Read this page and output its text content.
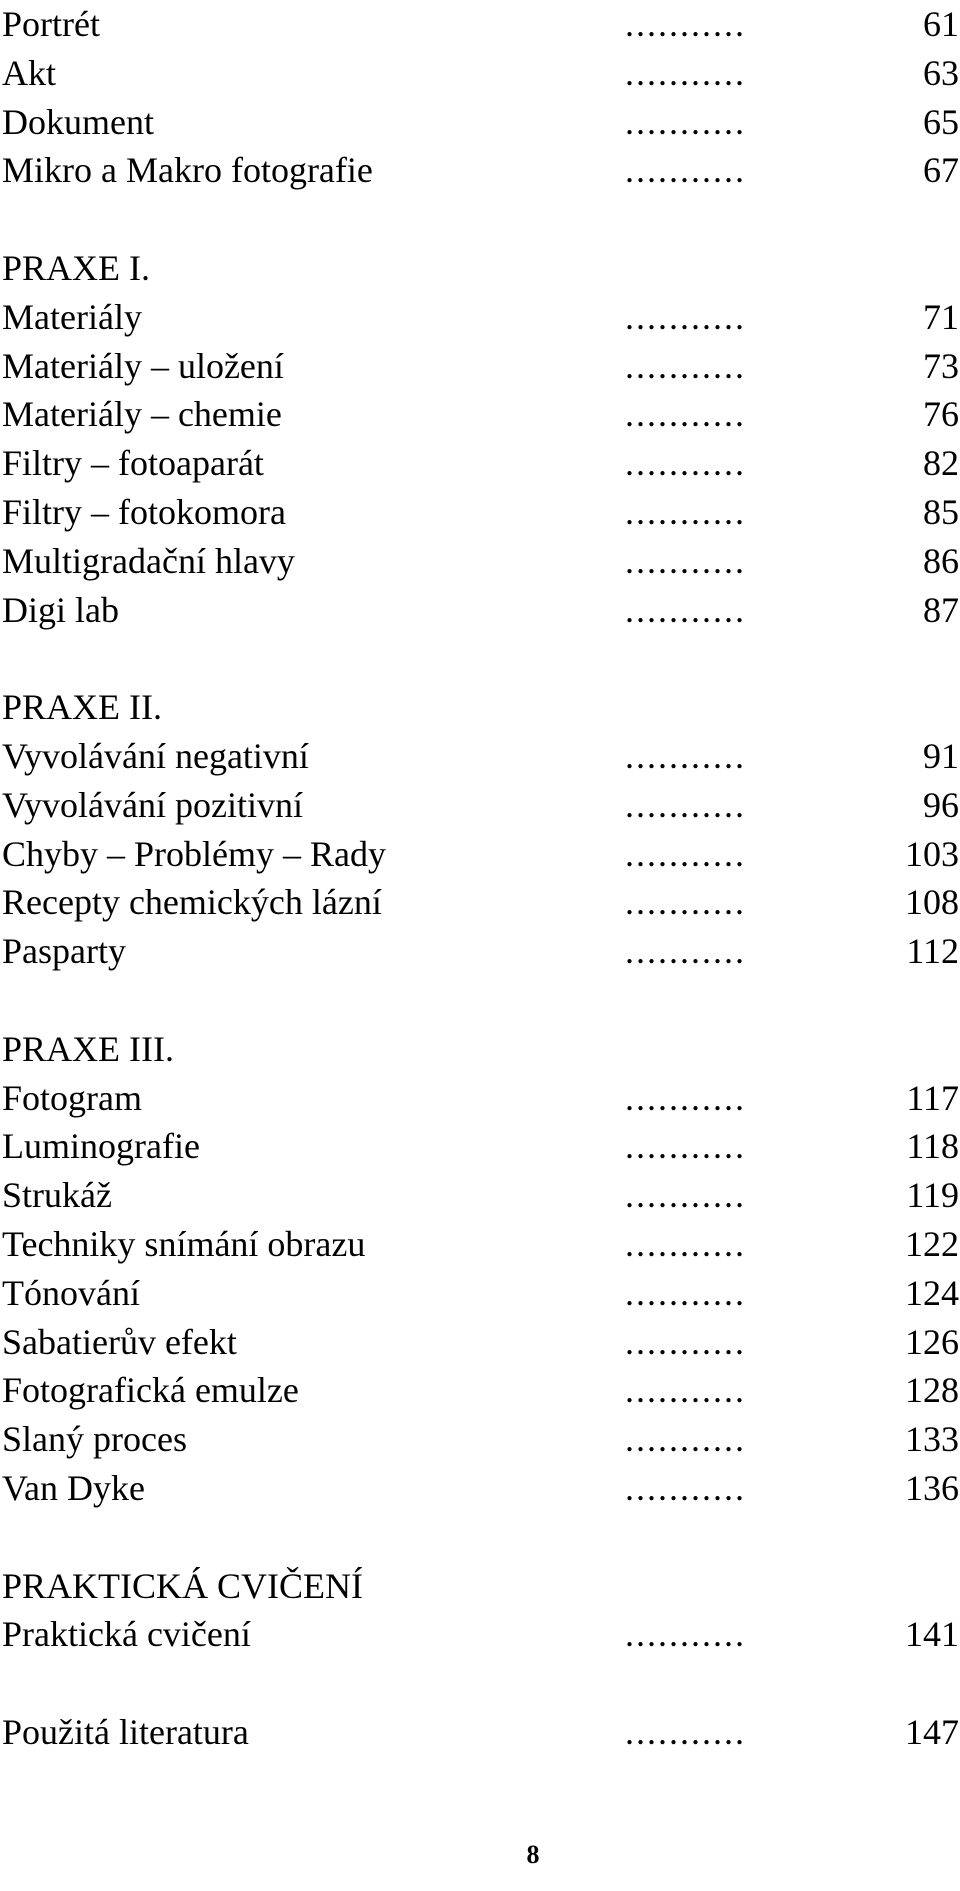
Portrét	...........	61
Akt	...........	63
Dokument	...........	65
Mikro a Makro fotografie	...........	67
PRAXE I.
Materiály	...........	71
Materiály – uložení	...........	73
Materiály – chemie	...........	76
Filtry – fotoaparát	...........	82
Filtry – fotokomora	...........	85
Multigradační hlavy	...........	86
Digi lab	...........	87
PRAXE II.
Vyvolávání negativní	...........	91
Vyvolávání pozitivní	...........	96
Chyby – Problémy – Rady	...........	103
Recepty chemických lázní	...........	108
Pasparty	...........	112
PRAXE III.
Fotogram	...........	117
Luminografie	...........	118
Strukáž	...........	119
Techniky snímání obrazu	...........	122
Tónování	...........	124
Sabatierův efekt	...........	126
Fotografická emulze	...........	128
Slaný proces	...........	133
Van Dyke	...........	136
PRAKTICKÁ CVIČENÍ
Praktická cvičení	...........	141
Použitá literatura	...........	147
8
